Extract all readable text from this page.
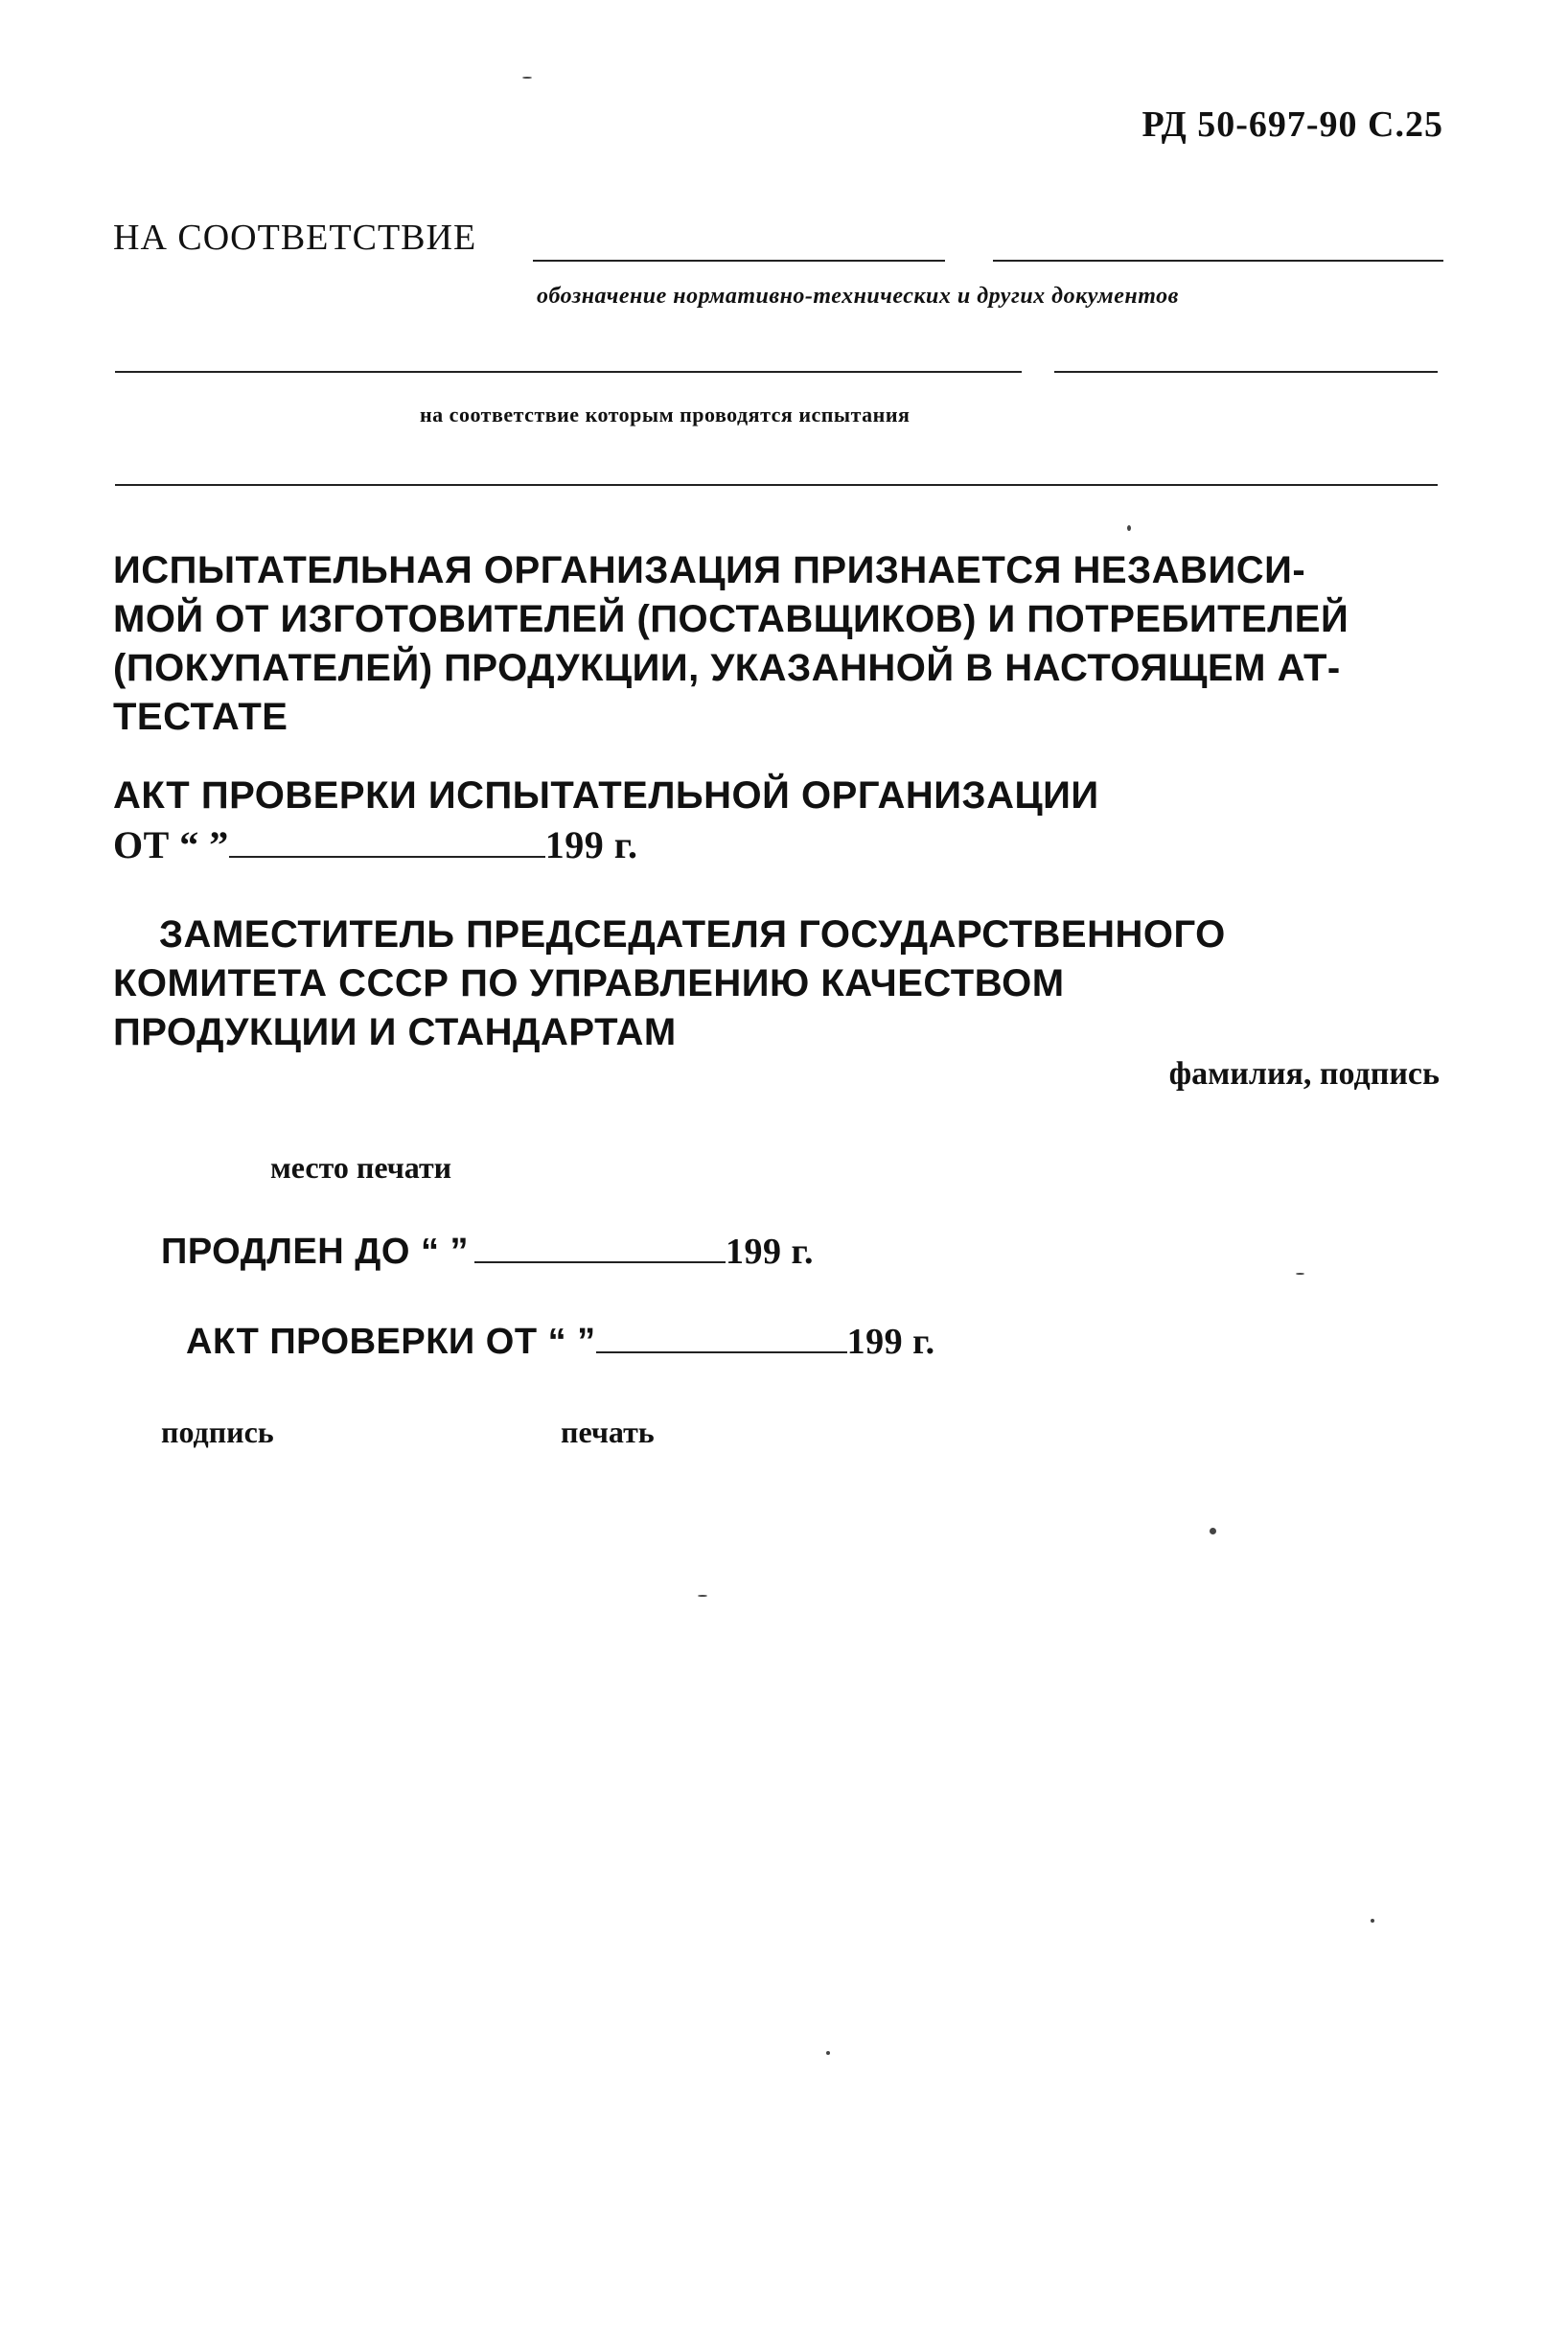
РД 50-697-90 С.25
НА СООТВЕТСТВИЕ
обозначение нормативно-технических и других документов
на соответствие которым проводятся испытания
ИСПЫТАТЕЛЬНАЯ ОРГАНИЗАЦИЯ ПРИЗНАЕТСЯ НЕЗАВИСИ-
МОЙ ОТ ИЗГОТОВИТЕЛЕЙ (ПОСТАВЩИКОВ) И ПОТРЕБИТЕЛЕЙ
(ПОКУПАТЕЛЕЙ) ПРОДУКЦИИ, УКАЗАННОЙ В НАСТОЯЩЕМ АТ-
ТЕСТАТЕ
АКТ ПРОВЕРКИ ИСПЫТАТЕЛЬНОЙ ОРГАНИЗАЦИИ
ОТ “ ”	199 г.
ЗАМЕСТИТЕЛЬ ПРЕДСЕДАТЕЛЯ ГОСУДАРСТВЕННОГО
КОМИТЕТА СССР ПО УПРАВЛЕНИЮ КАЧЕСТВОМ
ПРОДУКЦИИ И СТАНДАРТАМ
фамилия, подпись
место печати
ПРОДЛЕН ДО “ ”	199 г.
АКТ ПРОВЕРКИ ОТ “ ”	199 г.
подпись	печать
